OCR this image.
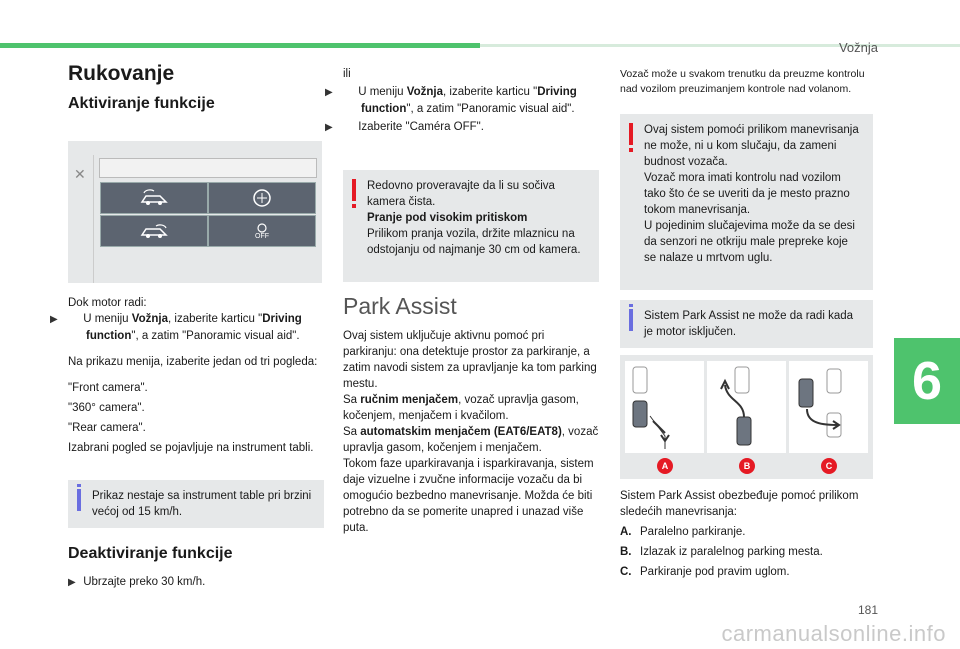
Vožnja
6
181
Rukovanje
Aktiviranje funkcije
✕
OFF

Dok motor radi:

▶ U meniju Vožnja, izaberite karticu "Driving function", a zatim "Panoramic visual aid".

Na prikazu menija, izaberite jedan od tri pogleda:

"Front camera".

"360° camera".

"Rear camera".

Izabrani pogled se pojavljuje na instrument tabli.

Prikaz nestaje sa instrument table pri brzini većoj od 15 km/h.
Deaktiviranje funkcije

▶ Ubrzajte preko 30 km/h.

ili

▶ U meniju Vožnja, izaberite karticu "Driving function", a zatim "Panoramic visual aid".

▶ Izaberite "Caméra OFF".

Redovno proveravajte da li su sočiva kamera čista.
Pranje pod visokim pritiskom
Prilikom pranja vozila, držite mlaznicu na odstojanju od najmanje 30 cm od kamera.
Park Assist

Ovaj sistem uključuje aktivnu pomoć pri parkiranju: ona detektuje prostor za parkiranje, a zatim navodi sistem za upravljanje ka tom parking mestu.

Sa ručnim menjačem, vozač upravlja gasom, kočenjem, menjačem i kvačilom.

Sa automatskim menjačem (EAT6/EAT8), vozač upravlja gasom, kočenjem i menjačem.

Tokom faze uparkiravanja i isparkiravanja, sistem daje vizuelne i zvučne informacije vozaču da bi omogućio bezbedno manevrisanje. Možda će biti potrebno da se pomerite unapred i unazad više puta.

Vozač može u svakom trenutku da preuzme kontrolu nad vozilom preuzimanjem kontrole nad volanom.
Ovaj sistem pomoći prilikom manevrisanja ne može, ni u kom slučaju, da zameni budnost vozača.
Vozač mora imati kontrolu nad vozilom tako što će se uveriti da je mesto prazno tokom manevrisanja.
U pojedinim slučajevima može da se desi da senzori ne otkriju male prepreke koje se nalaze u mrtvom uglu.
Sistem Park Assist ne može da radi kada je motor isključen.
A	B	C

Sistem Park Assist obezbeđuje pomoć prilikom sledećih manevrisanja:

A. Paralelno parkiranje.

B. Izlazak iz paralelnog parking mesta.

C. Parkiranje pod pravim uglom.

carmanualsonline.info
